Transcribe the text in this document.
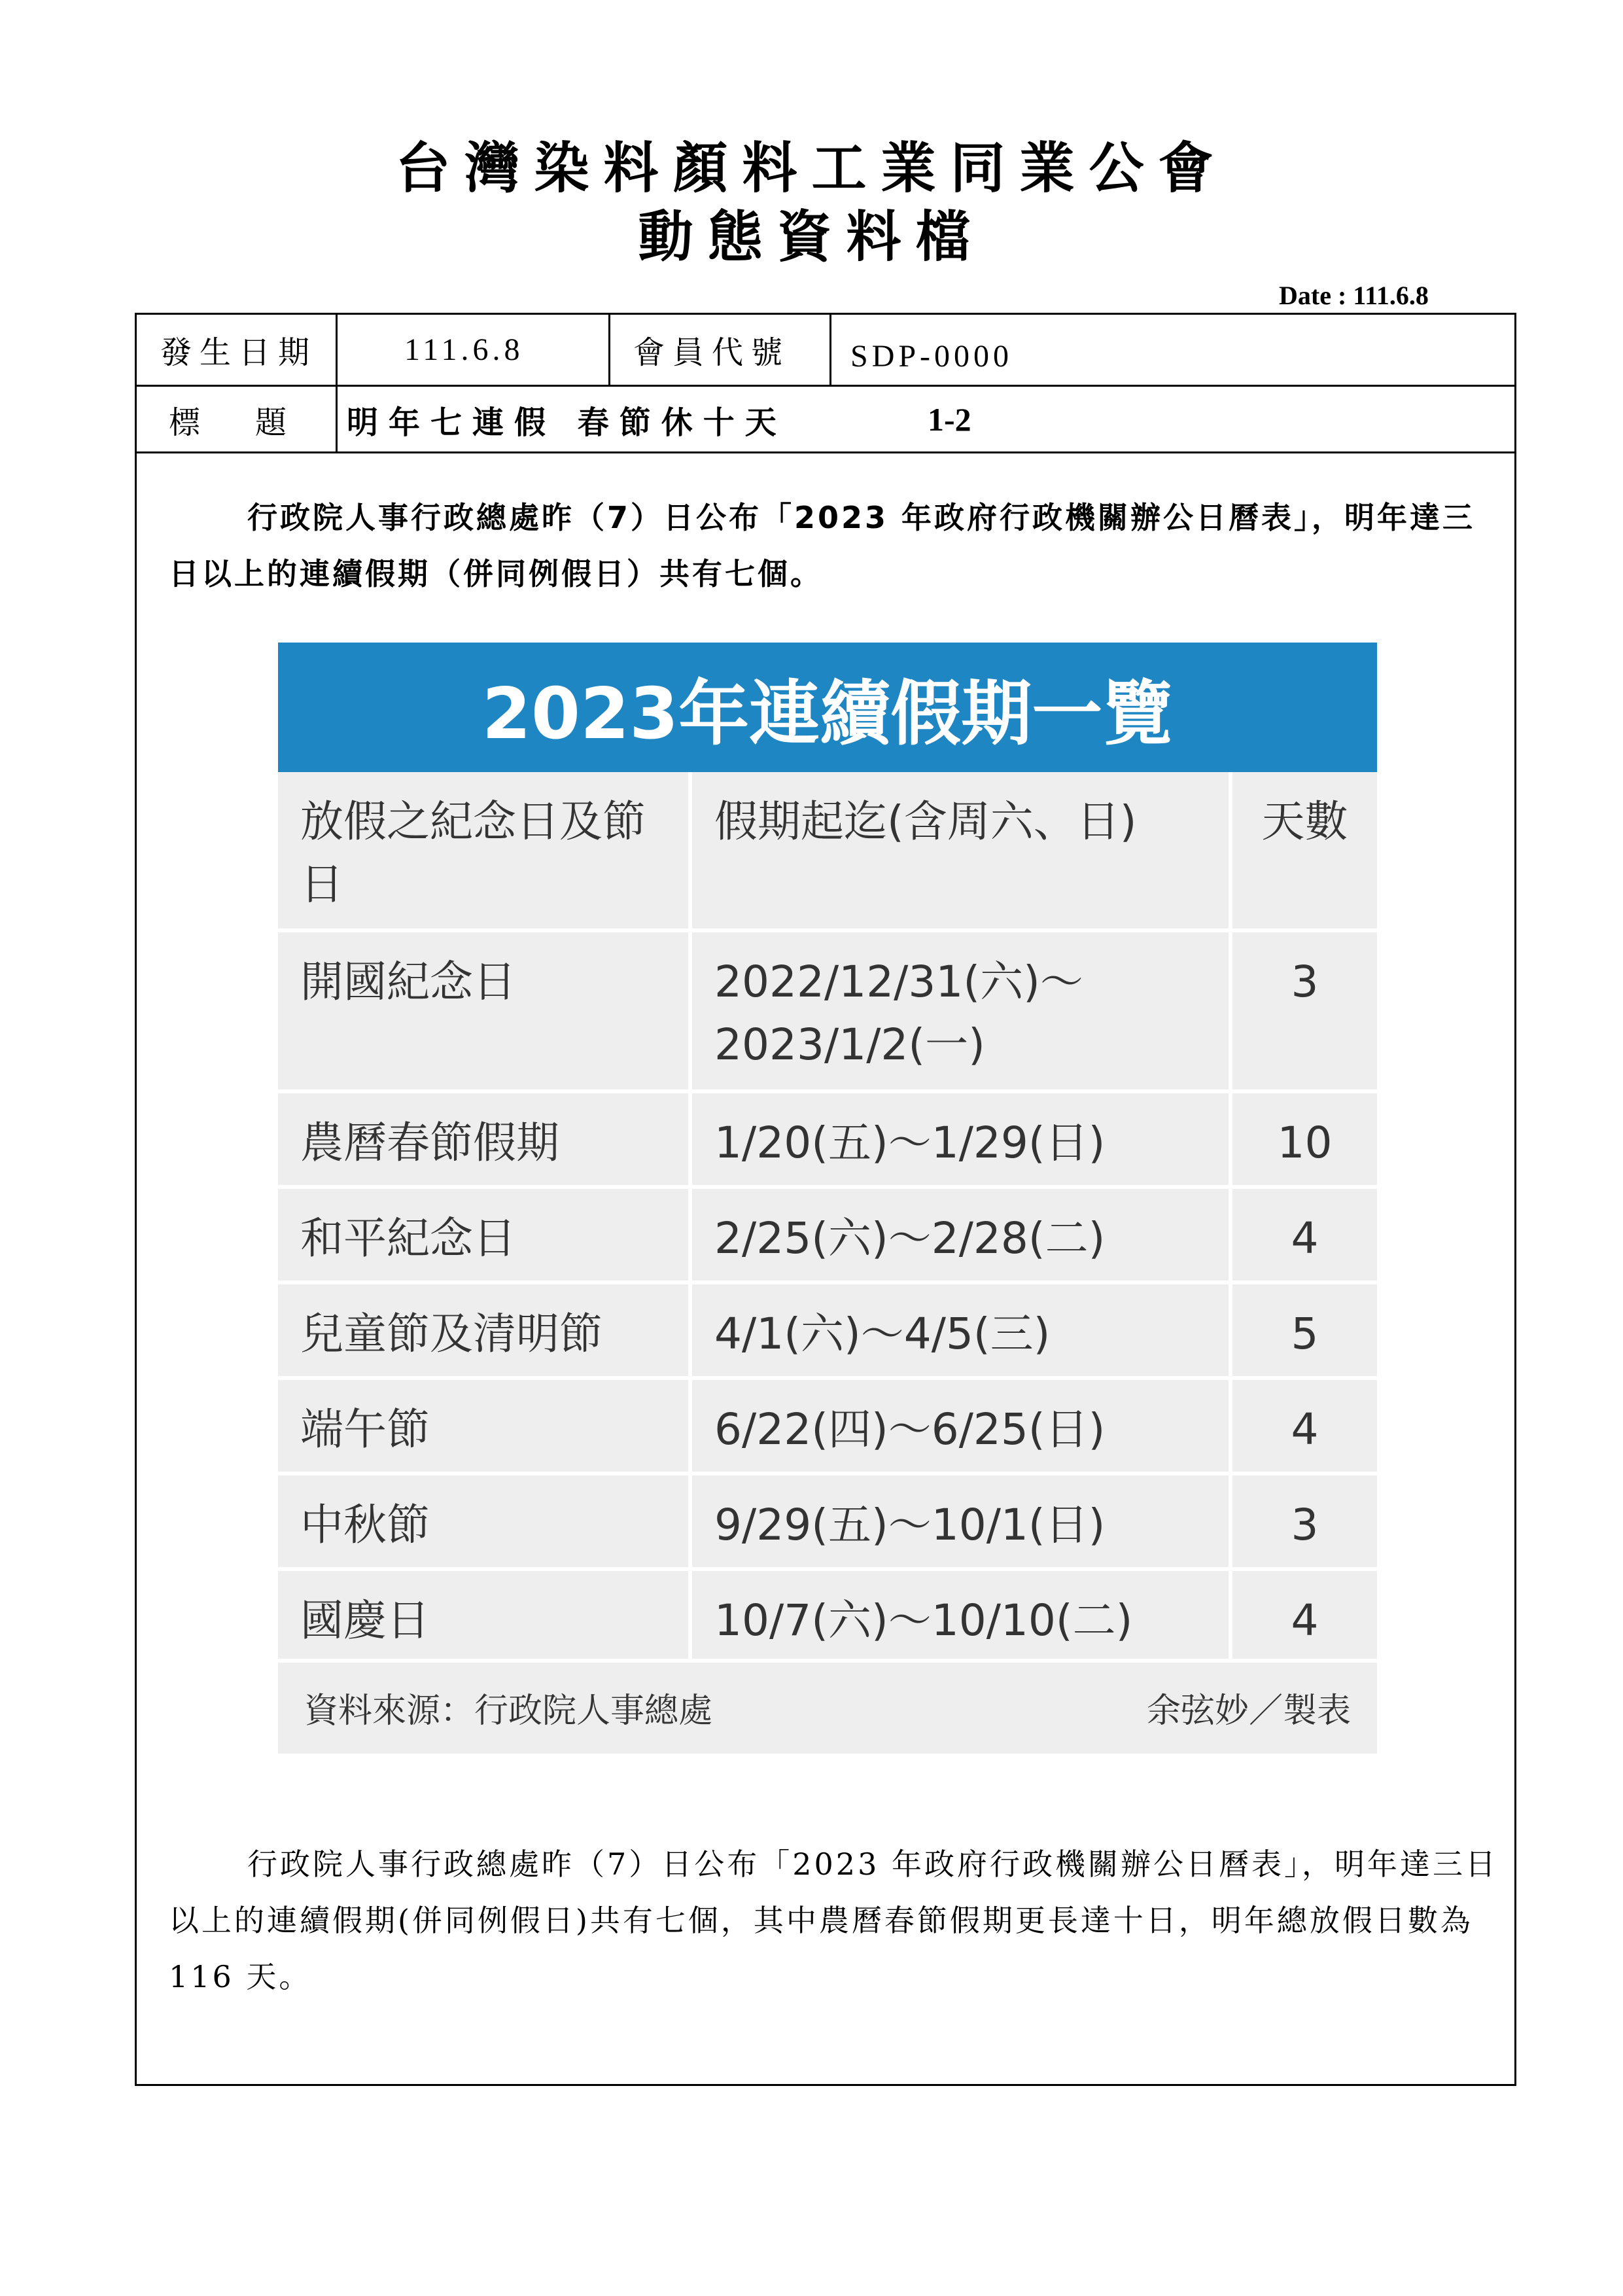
台灣染料顏料工業同業公會
動態資料檔
Date : 111.6.8
發生日期	111.6.8	會員代號 SDP-0000
標　題 明年七連假 春節休十天	1-2
行政院人事行政總處昨（7）日公布「2023 年政府行政機關辦公日曆表」，明年達三日以上的連續假期（併同例假日）共有七個。
2023年連續假期一覽
放假之紀念日及節日	假期起迄(含周六、日)	天數
開國紀念日	2022/12/31(六)～2023/1/2(一)	3
農曆春節假期	1/20(五)～1/29(日)	10
和平紀念日	2/25(六)～2/28(二)	4
兒童節及清明節	4/1(六)～4/5(三)	5
端午節	6/22(四)～6/25(日)	4
中秋節	9/29(五)～10/1(日)	3
國慶日	10/7(六)～10/10(二)	4
資料來源：行政院人事總處	余弦妙／製表
行政院人事行政總處昨（7）日公布「2023 年政府行政機關辦公日曆表」，明年達三日以上的連續假期(併同例假日)共有七個，其中農曆春節假期更長達十日，明年總放假日數為 116 天。
